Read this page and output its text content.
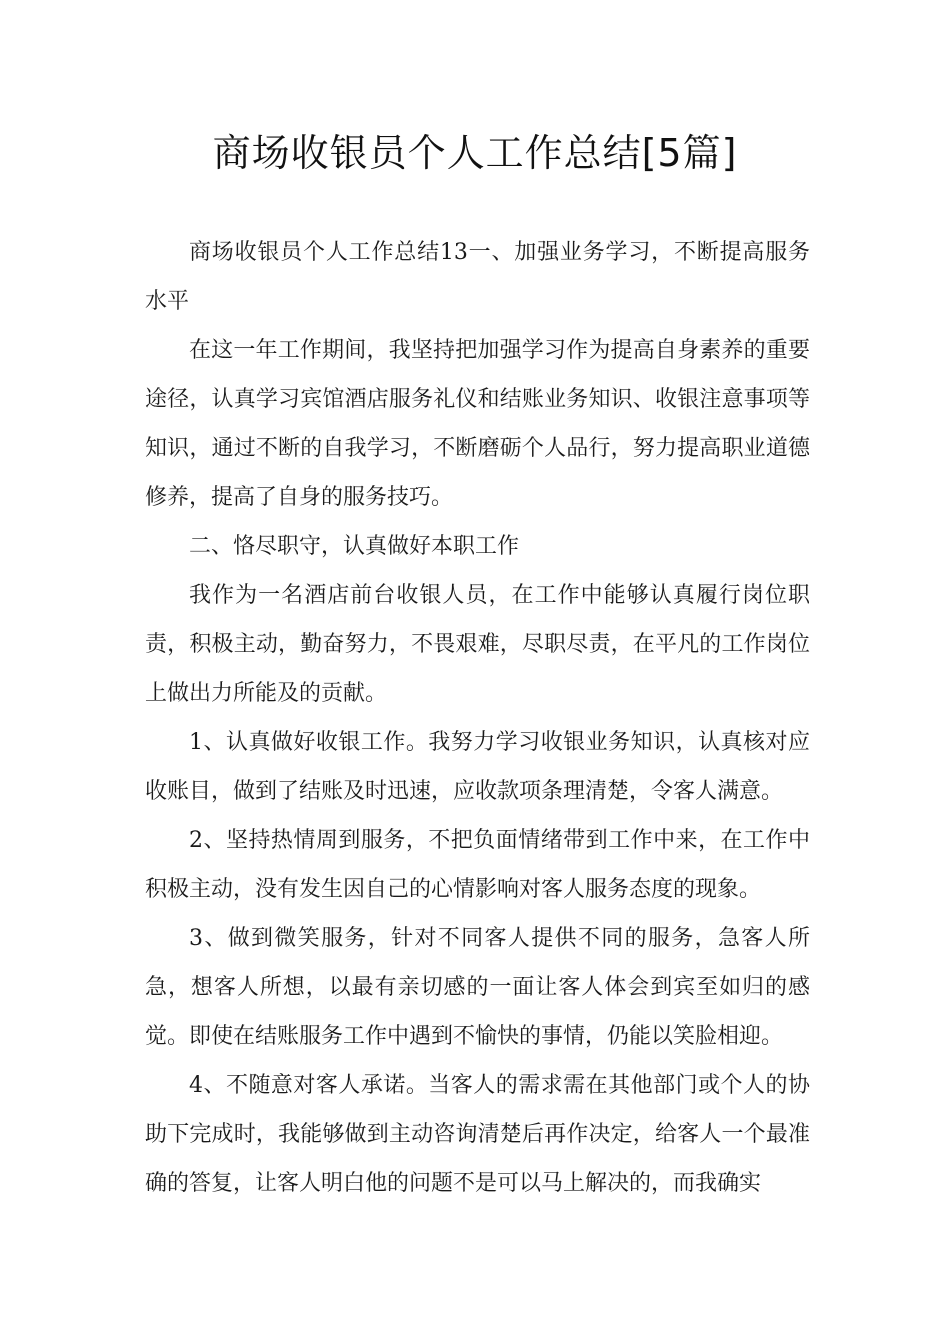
商场收银员个人工作总结[5篇]

商场收银员个人工作总结13一、加强业务学习，不断提高服务水平

在这一年工作期间，我坚持把加强学习作为提高自身素养的重要途径，认真学习宾馆酒店服务礼仪和结账业务知识、收银注意事项等知识，通过不断的自我学习，不断磨砺个人品行，努力提高职业道德修养，提高了自身的服务技巧。

二、恪尽职守，认真做好本职工作

我作为一名酒店前台收银人员，在工作中能够认真履行岗位职责，积极主动，勤奋努力，不畏艰难，尽职尽责，在平凡的工作岗位上做出力所能及的贡献。

1、认真做好收银工作。我努力学习收银业务知识，认真核对应收账目，做到了结账及时迅速，应收款项条理清楚，令客人满意。

2、坚持热情周到服务，不把负面情绪带到工作中来，在工作中积极主动，没有发生因自己的心情影响对客人服务态度的现象。

3、做到微笑服务，针对不同客人提供不同的服务，急客人所急，想客人所想，以最有亲切感的一面让客人体会到宾至如归的感觉。即使在结账服务工作中遇到不愉快的事情，仍能以笑脸相迎。

4、不随意对客人承诺。当客人的需求需在其他部门或个人的协助下完成时，我能够做到主动咨询清楚后再作决定，给客人一个最准确的答复，让客人明白他的问题不是可以马上解决的，而我确实
